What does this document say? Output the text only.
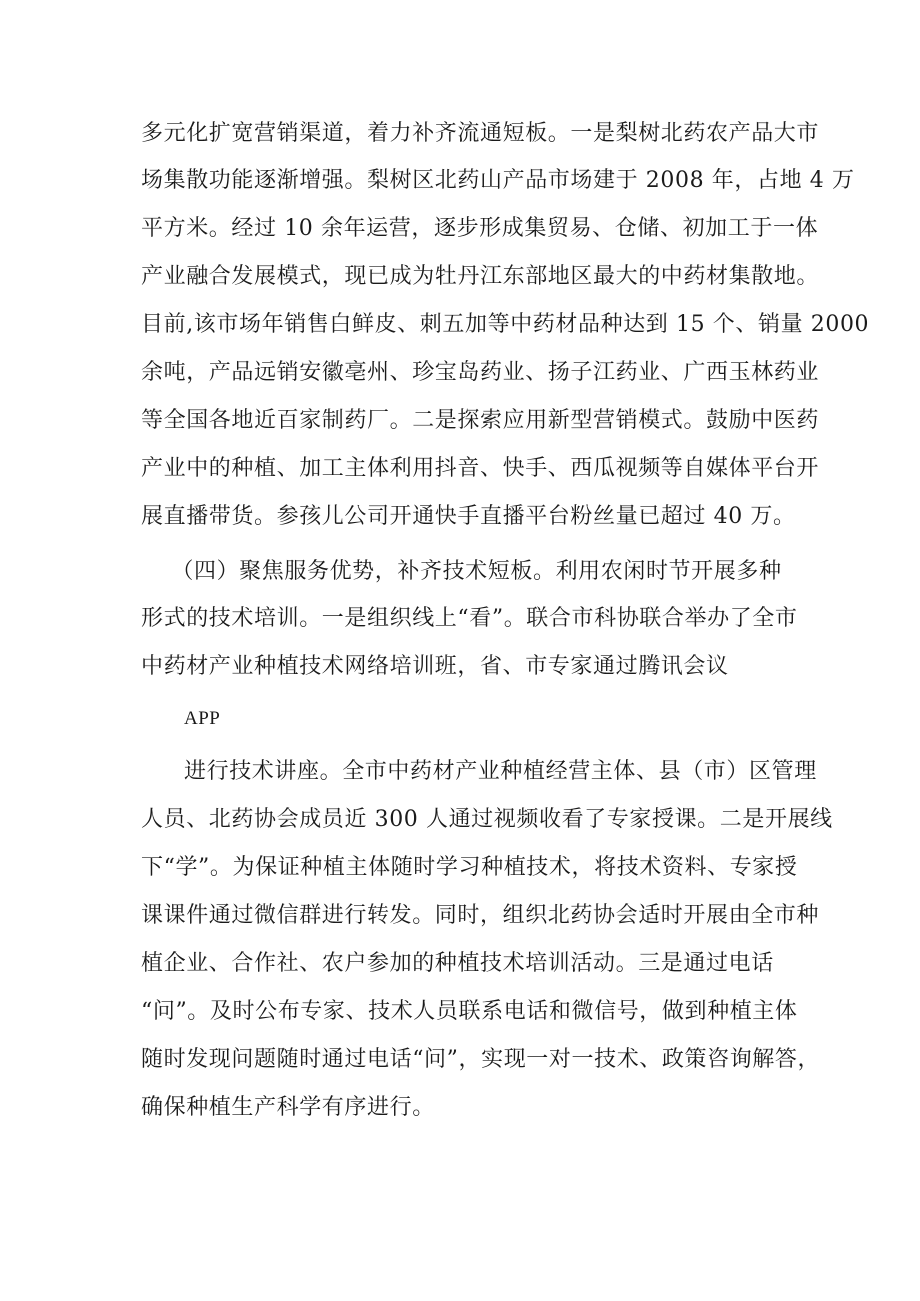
多元化扩宽营销渠道，着力补齐流通短板。一是梨树北药农产品大市
场集散功能逐渐增强。梨树区北药山产品市场建于 2008 年，占地 4 万
平方米。经过 10 余年运营，逐步形成集贸易、仓储、初加工于一体
产业融合发展模式，现已成为牡丹江东部地区最大的中药材集散地。
目前,该市场年销售白鲜皮、刺五加等中药材品种达到 15 个、销量 2000
余吨，产品远销安徽亳州、珍宝岛药业、扬子江药业、广西玉林药业
等全国各地近百家制药厂。二是探索应用新型营销模式。鼓励中医药
产业中的种植、加工主体利用抖音、快手、西瓜视频等自媒体平台开
展直播带货。参孩儿公司开通快手直播平台粉丝量已超过 40 万。
（四）聚焦服务优势，补齐技术短板。利用农闲时节开展多种
形式的技术培训。一是组织线上“看”。联合市科协联合举办了全市
中药材产业种植技术网络培训班，省、市专家通过腾讯会议
APP
进行技术讲座。全市中药材产业种植经营主体、县（市）区管理
人员、北药协会成员近 300 人通过视频收看了专家授课。二是开展线
下“学”。为保证种植主体随时学习种植技术，将技术资料、专家授
课课件通过微信群进行转发。同时，组织北药协会适时开展由全市种
植企业、合作社、农户参加的种植技术培训活动。三是通过电话
“问”。及时公布专家、技术人员联系电话和微信号，做到种植主体
随时发现问题随时通过电话“问”，实现一对一技术、政策咨询解答，
确保种植生产科学有序进行。
